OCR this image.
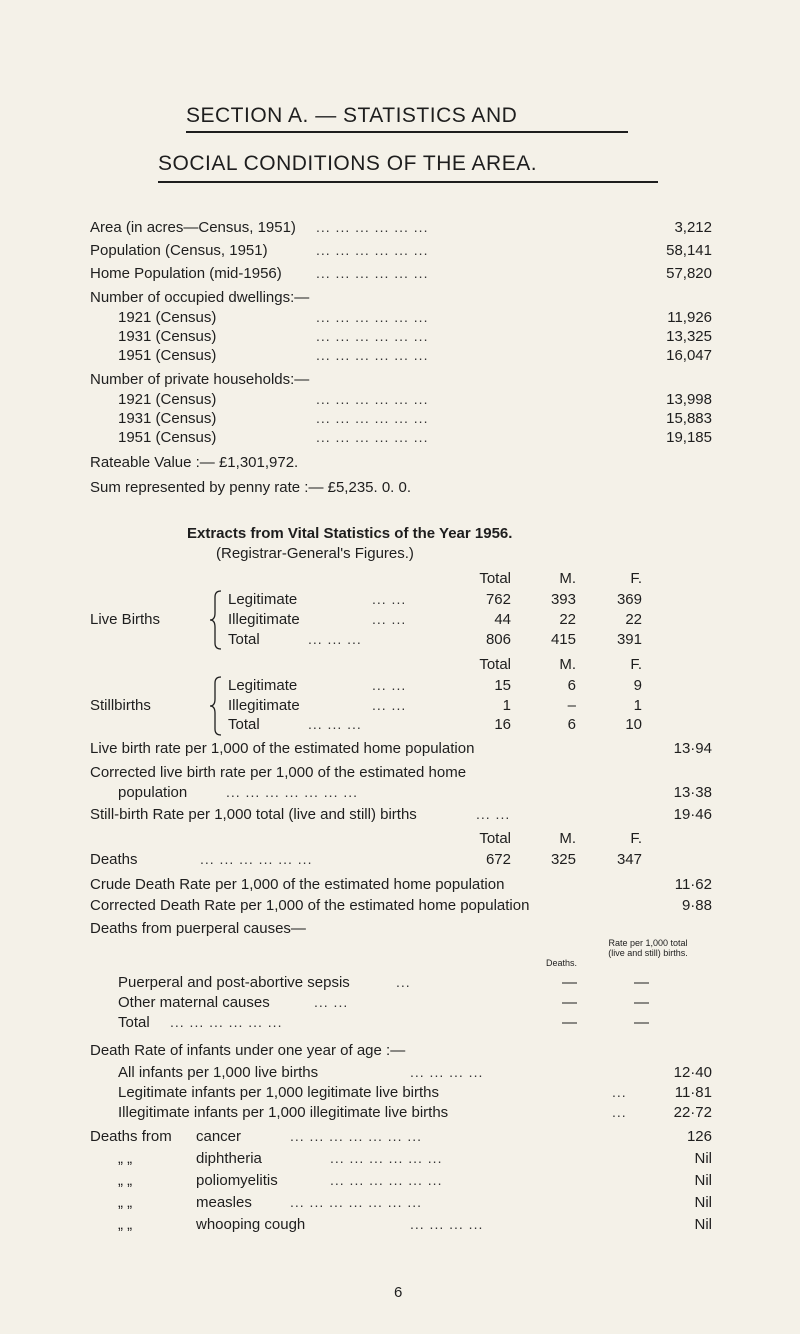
SECTION A. — STATISTICS AND
SOCIAL CONDITIONS OF THE AREA.
Area (in acres—Census, 1951) ... ... ... ... ... ...	3,212
Population (Census, 1951)	... ... ... ... ... ...	58,141
Home Population (mid-1956) ... ... ... ... ... ...	57,820
Number of occupied dwellings:—
1921 (Census)	... ... ... ... ... ...	11,926
1931 (Census)	... ... ... ... ... ...	13,325
1951 (Census)	... ... ... ... ... ...	16,047
Number of private households:—
1921 (Census)	... ... ... ... ... ...	13,998
1931 (Census)	... ... ... ... ... ...	15,883
1951 (Census)	... ... ... ... ... ...	19,185
Rateable Value :— £1,301,972.
Sum represented by penny rate :— £5,235. 0. 0.
Extracts from Vital Statistics of the Year 1956.
(Registrar-General's Figures.)
Total	M.	F.
Live Births
Legitimate	... ...	762	393	369
Illegitimate	... ...	44	22	22
Total	... ... ...	806	415	391
Total	M.	F.
Stillbirths
Legitimate	... ...	15	6	9
Illegitimate	... ...	1	–	1
Total	... ... ...	16	6	10
Live birth rate per 1,000 of the estimated home population	13·94
Corrected live birth rate per 1,000 of the estimated home
population	... ... ... ... ... ... ...	13·38
Still-birth Rate per 1,000 total (live and still) births	... ...	19·46
Total	M.	F.
Deaths	... ... ... ... ... ...	672	325	347
Crude Death Rate per 1,000 of the estimated home population	11·62
Corrected Death Rate per 1,000 of the estimated home population	9·88
Deaths from puerperal causes—
Deaths.
Rate per 1,000 total (live and still) births.
Puerperal and post-abortive sepsis	...	—	—
Other maternal causes	... ...	—	—
Total ... ... ... ... ... ...	—	—
Death Rate of infants under one year of age :—
All infants per 1,000 live births	... ... ... ...	12·40
Legitimate infants per 1,000 legitimate live births	...	11·81
Illegitimate infants per 1,000 illegitimate live births	...	22·72
Deaths from cancer	... ... ... ... ... ... ...	126
„ „	diphtheria	... ... ... ... ... ...	Nil
„ „	poliomyelitis	... ... ... ... ... ...	Nil
„ „	measles	... ... ... ... ... ... ...	Nil
„ „	whooping cough	... ... ... ...	Nil
6
